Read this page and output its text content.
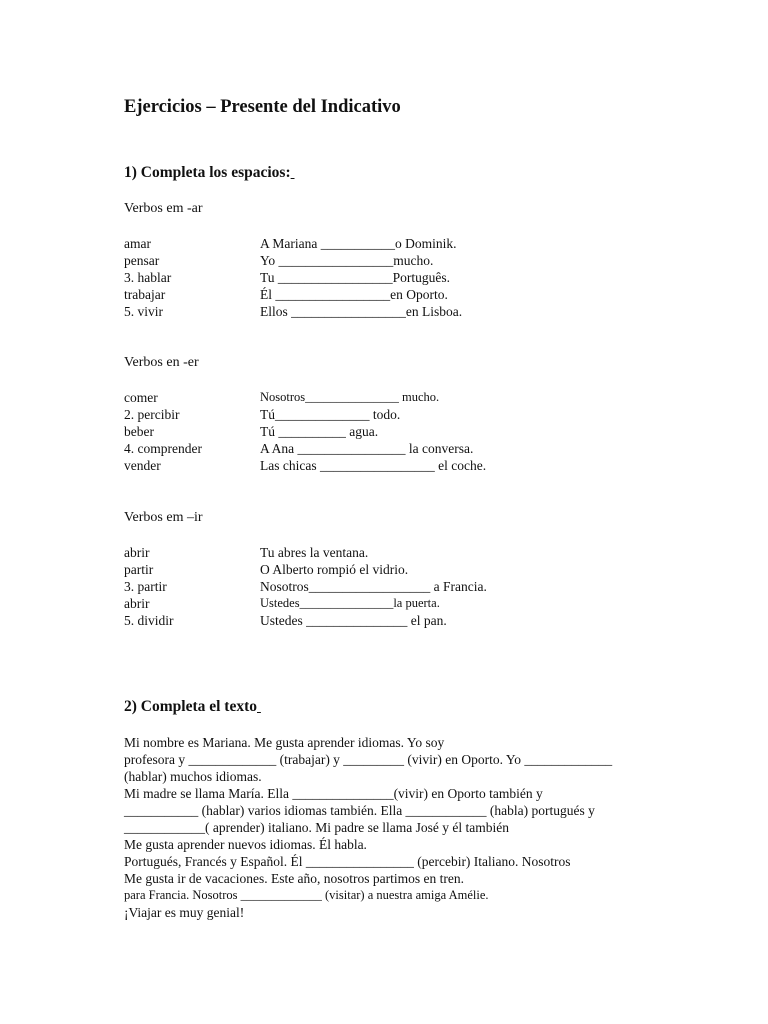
Ejercicios – Presente del Indicativo
1) Completa los espacios:
Verbos em -ar
amar	A Mariana ___________o Dominik.
pensar	Yo _________________mucho.
3. hablar	Tu _________________Português.
trabajar	Él _________________en Oporto.
5. vivir	Ellos _________________en Lisboa.
Verbos en -er
comer	Nosotros_______________ mucho.
2. percibir	Tú______________ todo.
beber	Tú __________ agua.
4. comprender	A Ana ________________ la conversa.
vender	Las chicas _________________ el coche.
Verbos em –ir
abrir	Tu abres la ventana.
partir	O Alberto rompió el vidrio.
3. partir	Nosotros__________________ a Francia.
abrir	Ustedes_______________la puerta.
5. dividir	Ustedes _______________ el pan.
2) Completa el texto
Mi nombre es Mariana. Me gusta aprender idiomas. Yo soy
profesora y _____________ (trabajar) y _________ (vivir) en Oporto. Yo _____________
(hablar) muchos idiomas.
Mi madre se llama María. Ella _______________(vivir) en Oporto también y
___________ (hablar) varios idiomas también. Ella ____________ (habla) portugués y
____________( aprender) italiano. Mi padre se llama José y él también
Me gusta aprender nuevos idiomas. Él habla.
Portugués, Francés y Español. Él ________________ (percebir) Italiano. Nosotros
Me gusta ir de vacaciones. Este año, nosotros partimos en tren.
para Francia. Nosotros _____________ (visitar) a nuestra amiga Amélie.
¡Viajar es muy genial!
